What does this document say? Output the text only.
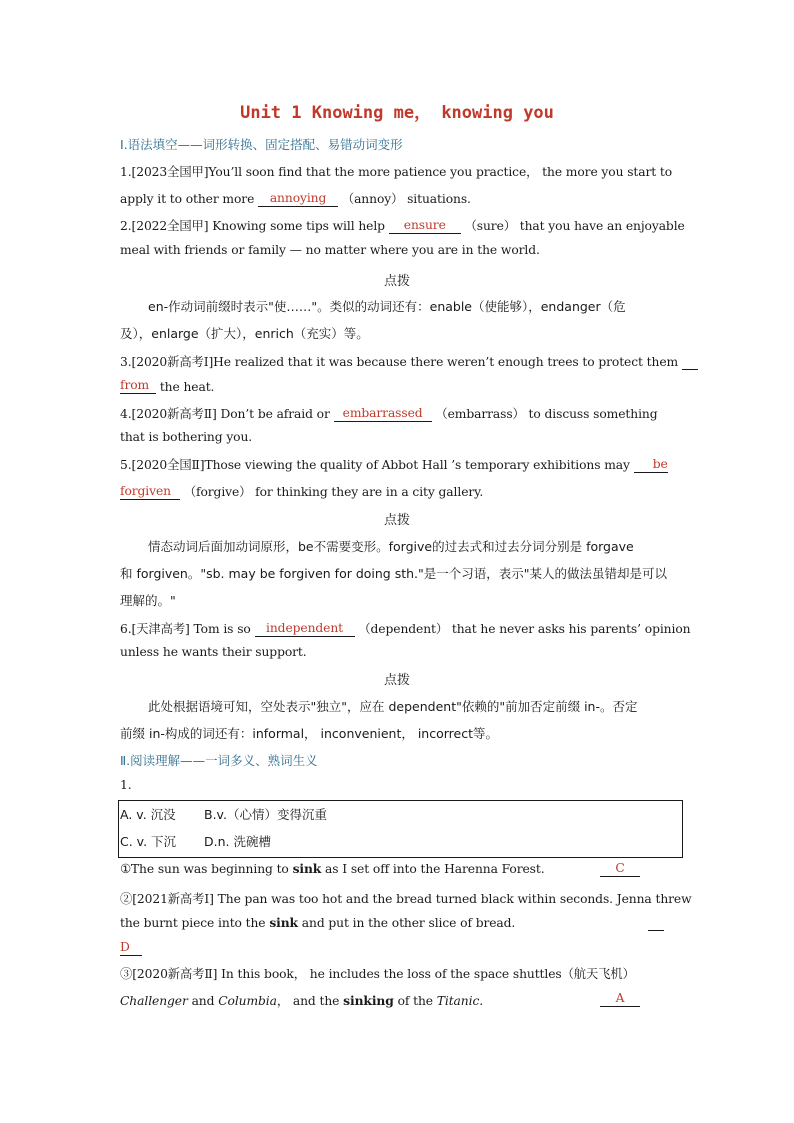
Unit 1 Knowing me， knowing you
Ⅰ.语法填空——词形转换、固定搭配、易错动词变形
1.[2023全国甲]You’ll soon find that the more patience you practice， the more you start to
apply it to other more annoying （annoy） situations.
2.[2022全国甲] Knowing some tips will help ensure （sure） that you have an enjoyable
meal with friends or family — no matter where you are in the world.
点拨
en-作动词前缀时表示"使……"。类似的动词还有：enable（使能够），endanger（危
及），enlarge（扩大），enrich（充实）等。
3.[2020新高考Ⅰ]He realized that it was because there weren’t enough trees to protect them
from the heat.
4.[2020新高考Ⅱ] Don’t be afraid or embarrassed （embarrass） to discuss something
that is bothering you.
5.[2020全国Ⅱ]Those viewing the quality of Abbot Hall ’s temporary exhibitions may be
forgiven （forgive） for thinking they are in a city gallery.
点拨
情态动词后面加动词原形，be不需要变形。forgive的过去式和过去分词分别是 forgave
和 forgiven。"sb. may be forgiven for doing sth."是一个习语，表示"某人的做法虽错却是可以
理解的。"
6.[天津高考] Tom is so independent （dependent） that he never asks his parents’ opinion
unless he wants their support.
点拨
此处根据语境可知，空处表示"独立"，应在 dependent"依赖的"前加否定前缀 in-。否定
前缀 in-构成的词还有：informal， inconvenient， incorrect等。
Ⅱ.阅读理解——一词多义、熟词生义
1.
A. v. 沉没 B.v.（心情）变得沉重
C. v. 下沉 D.n. 洗碗槽
①The sun was beginning to sink as I set off into the Harenna Forest.	C
②[2021新高考Ⅰ] The pan was too hot and the bread turned black within seconds. Jenna threw
the burnt piece into the sink and put in the other slice of bread.
D
③[2020新高考Ⅱ] In this book， he includes the loss of the space shuttles（航天飞机）
Challenger and Columbia， and the sinking of the Titanic.	A
